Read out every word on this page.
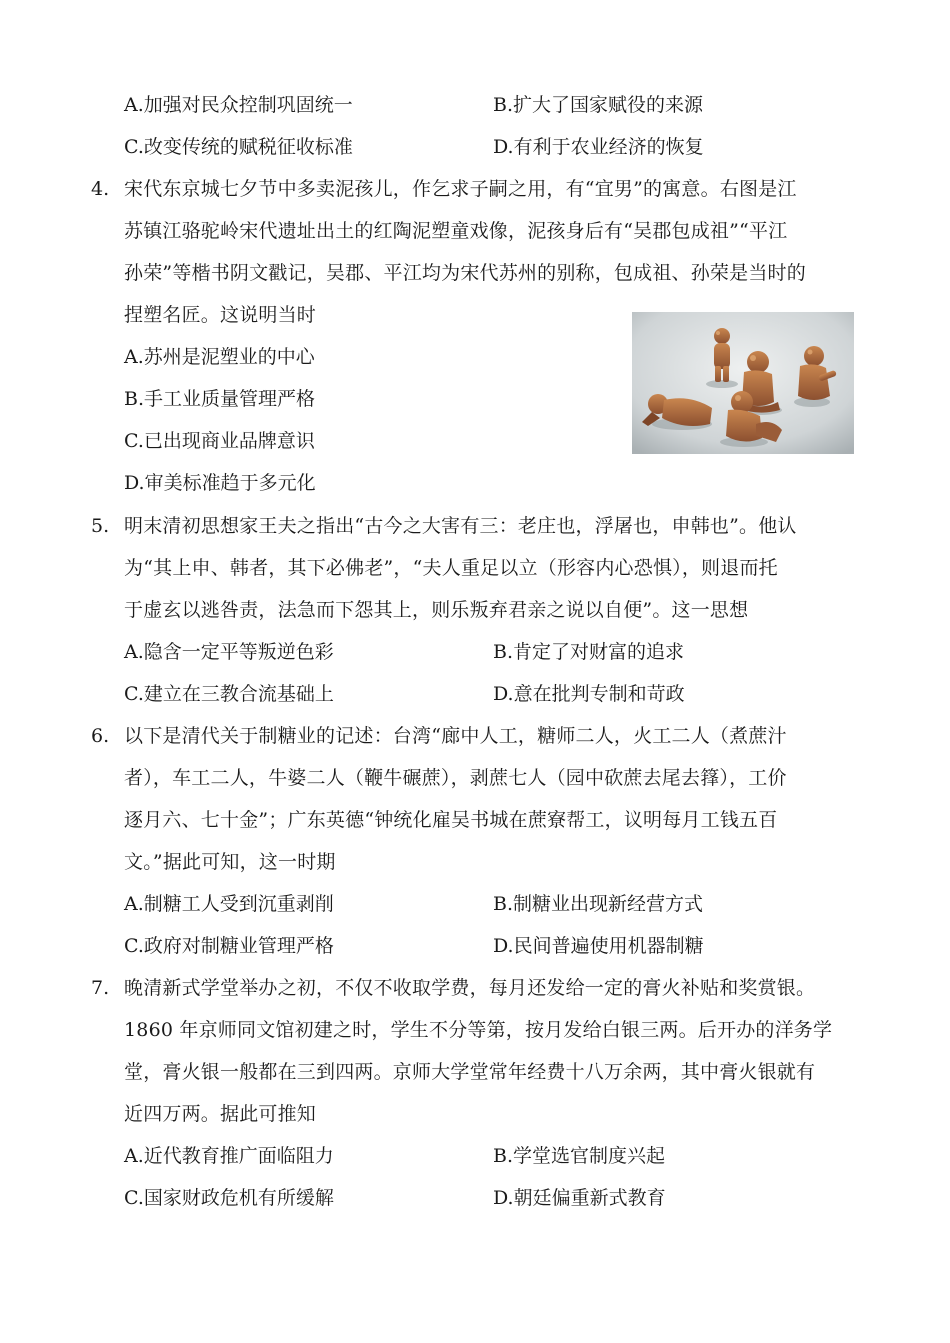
A.加强对民众控制巩固统一	B.扩大了国家赋役的来源
C.改变传统的赋税征收标准	D.有利于农业经济的恢复
4. 宋代东京城七夕节中多卖泥孩儿，作乞求子嗣之用，有“宜男”的寓意。右图是江
苏镇江骆驼岭宋代遗址出土的红陶泥塑童戏像，泥孩身后有“吴郡包成祖”“平江
孙荣”等楷书阴文戳记，吴郡、平江均为宋代苏州的别称，包成祖、孙荣是当时的
捏塑名匠。这说明当时
A.苏州是泥塑业的中心
B.手工业质量管理严格
C.已出现商业品牌意识
D.审美标准趋于多元化
5. 明末清初思想家王夫之指出“古今之大害有三：老庄也，浮屠也，申韩也”。他认
为“其上申、韩者，其下必佛老”，“夫人重足以立（形容内心恐惧），则退而托
于虚玄以逃咎责，法急而下怨其上，则乐叛弃君亲之说以自便”。这一思想
A.隐含一定平等叛逆色彩	B.肯定了对财富的追求
C.建立在三教合流基础上	D.意在批判专制和苛政
6. 以下是清代关于制糖业的记述：台湾“廊中人工，糖师二人，火工二人（煮蔗汁
者），车工二人，牛婆二人（鞭牛碾蔗），剥蔗七人（园中砍蔗去尾去箨），工价
逐月六、七十金”；广东英德“钟统化雇吴书城在蔗寮帮工，议明每月工钱五百
文。”据此可知，这一时期
A.制糖工人受到沉重剥削	B.制糖业出现新经营方式
C.政府对制糖业管理严格	D.民间普遍使用机器制糖
7. 晚清新式学堂举办之初，不仅不收取学费，每月还发给一定的膏火补贴和奖赏银。
1860 年京师同文馆初建之时，学生不分等第，按月发给白银三两。后开办的洋务学
堂，膏火银一般都在三到四两。京师大学堂常年经费十八万余两，其中膏火银就有
近四万两。据此可推知
A.近代教育推广面临阻力	B.学堂选官制度兴起
C.国家财政危机有所缓解	D.朝廷偏重新式教育
